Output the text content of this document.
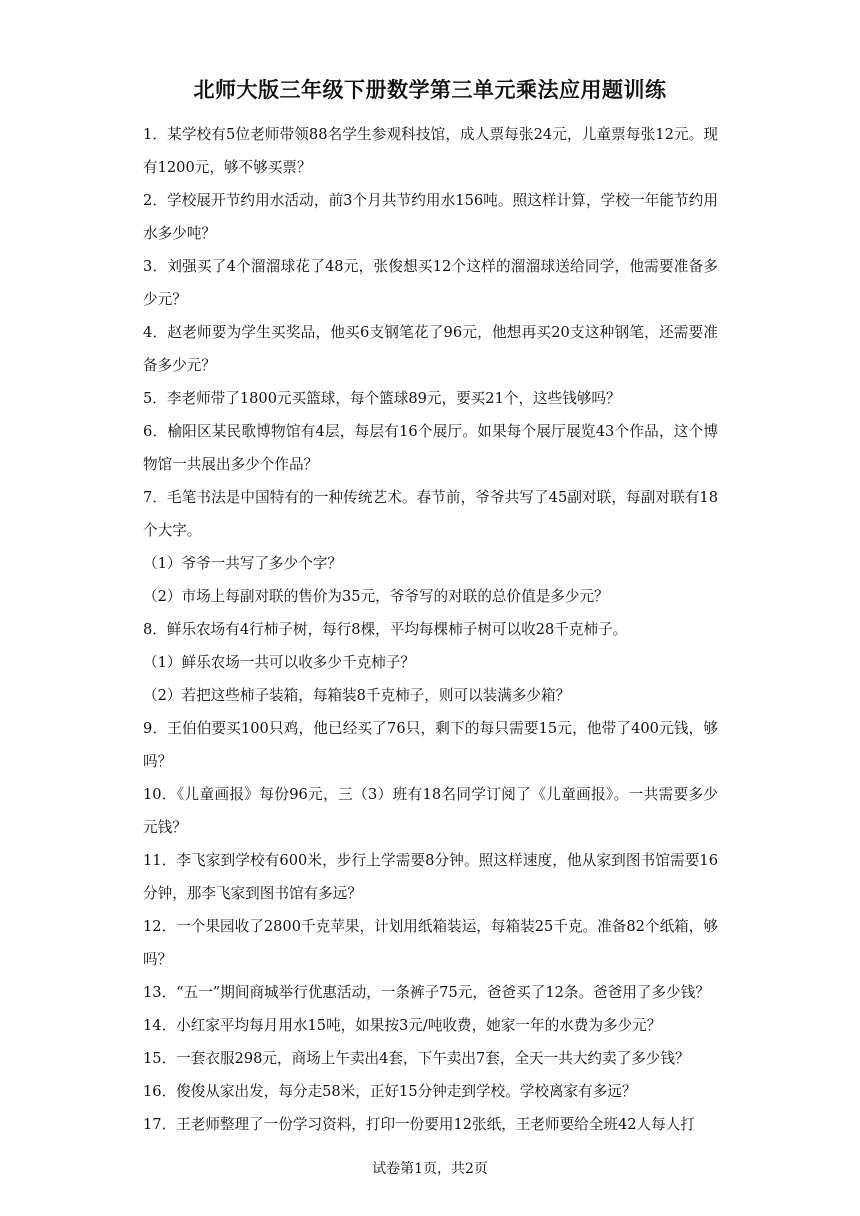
北师大版三年级下册数学第三单元乘法应用题训练

1．某学校有5位老师带领88名学生参观科技馆，成人票每张24元，儿童票每张12元。现有1200元，够不够买票？

2．学校展开节约用水活动，前3个月共节约用水156吨。照这样计算，学校一年能节约用水多少吨？

3．刘强买了4个溜溜球花了48元，张俊想买12个这样的溜溜球送给同学，他需要准备多少元？

4．赵老师要为学生买奖品，他买6支钢笔花了96元，他想再买20支这种钢笔，还需要准备多少元？

5．李老师带了1800元买篮球，每个篮球89元，要买21个，这些钱够吗？

6．榆阳区某民歌博物馆有4层，每层有16个展厅。如果每个展厅展览43个作品，这个博物馆一共展出多少个作品？

7．毛笔书法是中国特有的一种传统艺术。春节前，爷爷共写了45副对联，每副对联有18个大字。

（1）爷爷一共写了多少个字？

（2）市场上每副对联的售价为35元，爷爷写的对联的总价值是多少元？

8．鲜乐农场有4行柿子树，每行8棵，平均每棵柿子树可以收28千克柿子。

（1）鲜乐农场一共可以收多少千克柿子？

（2）若把这些柿子装箱，每箱装8千克柿子，则可以装满多少箱？

9．王伯伯要买100只鸡，他已经买了76只，剩下的每只需要15元，他带了400元钱，够吗？

10．《儿童画报》每份96元，三（3）班有18名同学订阅了《儿童画报》。一共需要多少元钱？

11．李飞家到学校有600米，步行上学需要8分钟。照这样速度，他从家到图书馆需要16分钟，那李飞家到图书馆有多远？

12．一个果园收了2800千克苹果，计划用纸箱装运，每箱装25千克。准备82个纸箱，够吗？

13．“五一”期间商城举行优惠活动，一条裤子75元，爸爸买了12条。爸爸用了多少钱？

14．小红家平均每月用水15吨，如果按3元/吨收费，她家一年的水费为多少元？

15．一套衣服298元，商场上午卖出4套，下午卖出7套，全天一共大约卖了多少钱？

16．俊俊从家出发，每分走58米，正好15分钟走到学校。学校离家有多远？

17．王老师整理了一份学习资料，打印一份要用12张纸，王老师要给全班42人每人打

试卷第1页，共2页
